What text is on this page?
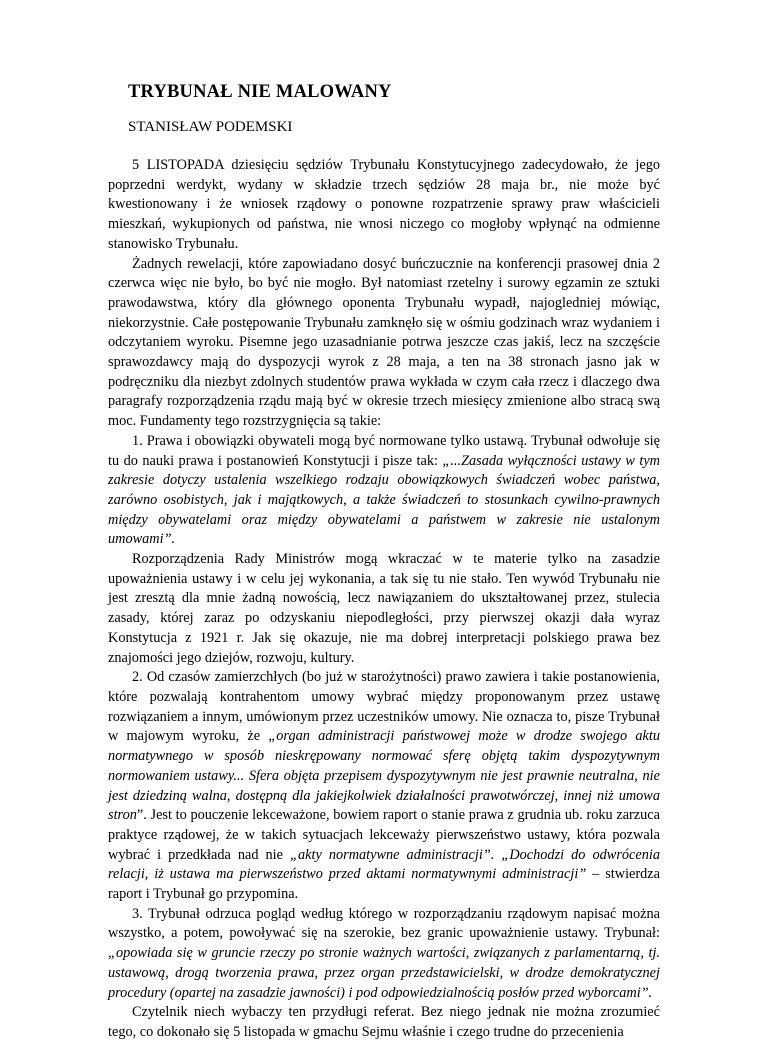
TRYBUNAŁ NIE MALOWANY
STANISŁAW PODEMSKI

5 LISTOPADA dziesięciu sędziów Trybunału Konstytucyjnego zadecydowało, że jego poprzedni werdykt, wydany w składzie trzech sędziów 28 maja br., nie może być kwestionowany i że wniosek rządowy o ponowne rozpatrzenie sprawy praw właścicieli mieszkań, wykupionych od państwa, nie wnosi niczego co mogłoby wpłynąć na odmienne stanowisko Trybunału.

Żadnych rewelacji, które zapowiadano dosyć buńczucznie na konferencji prasowej dnia 2 czerwca więc nie było, bo być nie mogło. Był natomiast rzetelny i surowy egzamin ze sztuki prawodawstwa, który dla głównego oponenta Trybunału wypadł, najogledniej mówiąc, niekorzystnie. Całe postępowanie Trybunału zamknęło się w ośmiu godzinach wraz wydaniem i odczytaniem wyroku. Pisemne jego uzasadnianie potrwa jeszcze czas jakiś, lecz na szczęście sprawozdawcy mają do dyspozycji wyrok z 28 maja, a ten na 38 stronach jasno jak w podręczniku dla niezbyt zdolnych studentów prawa wykłada w czym cała rzecz i dlaczego dwa paragrafy rozporządzenia rządu mają być w okresie trzech miesięcy zmienione albo stracą swą moc. Fundamenty tego rozstrzygnięcia są takie:

1. Prawa i obowiązki obywateli mogą być normowane tylko ustawą. Trybunał odwołuje się tu do nauki prawa i postanowień Konstytucji i pisze tak: „...Zasada wyłączności ustawy w tym zakresie dotyczy ustalenia wszelkiego rodzaju obowiązkowych świadczeń wobec państwa, zarówno osobistych, jak i majątkowych, a także świadczeń to stosunkach cywilno-prawnych między obywatelami oraz między obywatelami a państwem w zakresie nie ustalonym umowami”.

Rozporządzenia Rady Ministrów mogą wkraczać w te materie tylko na zasadzie upoważnienia ustawy i w celu jej wykonania, a tak się tu nie stało. Ten wywód Trybunału nie jest zresztą dla mnie żadną nowością, lecz nawiązaniem do ukształtowanej przez, stulecia zasady, której zaraz po odzyskaniu niepodległości, przy pierwszej okazji dała wyraz Konstytucja z 1921 r. Jak się okazuje, nie ma dobrej interpretacji polskiego prawa bez znajomości jego dziejów, rozwoju, kultury.

2. Od czasów zamierzchłych (bo już w starożytności) prawo zawiera i takie postanowienia, które pozwalają kontrahentom umowy wybrać między proponowanym przez ustawę rozwiązaniem a innym, umówionym przez uczestników umowy. Nie oznacza to, pisze Trybunał w majowym wyroku, że „organ administracji państwowej może w drodze swojego aktu normatywnego w sposób nieskrępowany normować sferę objętą takim dyspozytywnym normowaniem ustawy... Sfera objęta przepisem dyspozytywnym nie jest prawnie neutralna, nie jest dziedziną walna, dostępną dla jakiejkolwiek działalności prawotwórczej, innej niż umowa stron”. Jest to pouczenie lekceważone, bowiem raport o stanie prawa z grudnia ub. roku zarzuca praktyce rządowej, że w takich sytuacjach lekceważy pierwszeństwo ustawy, która pozwala wybrać i przedkłada nad nie „akty normatywne administracji”. „Dochodzi do odwrócenia relacji, iż ustawa ma pierwszeństwo przed aktami normatywnymi administracji” – stwierdza raport i Trybunał go przypomina.

3. Trybunał odrzuca pogląd według którego w rozporządzaniu rządowym napisać można wszystko, a potem, powoływać się na szerokie, bez granic upoważnienie ustawy. Trybunał: „opowiada się w gruncie rzeczy po stronie ważnych wartości, związanych z parlamentarną, tj. ustawową, drogą tworzenia prawa, przez organ przedstawicielski, w drodze demokratycznej procedury (opartej na zasadzie jawności) i pod odpowiedzialnością posłów przed wyborcami”.

Czytelnik niech wybaczy ten przydługi referat. Bez niego jednak nie można zrozumieć tego, co dokonało się 5 listopada w gmachu Sejmu właśnie i czego trudne do przecenienia
